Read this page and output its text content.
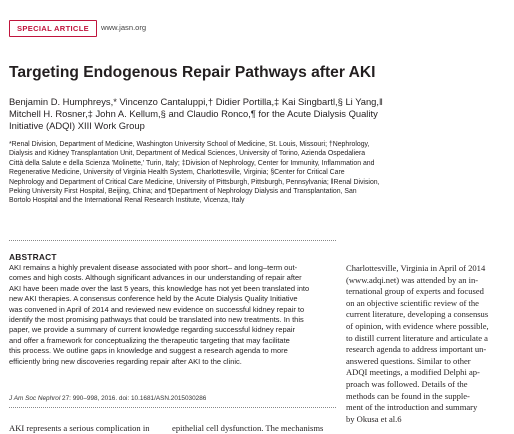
SPECIAL ARTICLE	www.jasn.org
Targeting Endogenous Repair Pathways after AKI
Benjamin D. Humphreys,* Vincenzo Cantaluppi,† Didier Portilla,‡ Kai Singbartl,§ Li Yang,‖
Mitchell H. Rosner,‡ John A. Kellum,§ and Claudio Ronco,¶ for the Acute Dialysis Quality
Initiative (ADQI) XIII Work Group
*Renal Division, Department of Medicine, Washington University School of Medicine, St. Louis, Missouri; †Nephrology,
Dialysis and Kidney Transplantation Unit, Department of Medical Sciences, University of Torino, Azienda Ospedaliera
Città della Salute e della Scienza 'Molinette,' Turin, Italy; ‡Division of Nephrology, Center for Immunity, Inflammation and
Regenerative Medicine, University of Virginia Health System, Charlottesville, Virginia; §Center for Critical Care
Nephrology and Department of Critical Care Medicine, University of Pittsburgh, Pittsburgh, Pennsylvania; ‖Renal Division,
Peking University First Hospital, Beijing, China; and ¶Department of Nephrology Dialysis and Transplantation, San
Bortolo Hospital and the International Renal Research Institute, Vicenza, Italy
ABSTRACT
AKI remains a highly prevalent disease associated with poor short– and long–term out-
comes and high costs. Although significant advances in our understanding of repair after
AKI have been made over the last 5 years, this knowledge has not yet been translated into
new AKI therapies. A consensus conference held by the Acute Dialysis Quality Initiative
was convened in April of 2014 and reviewed new evidence on successful kidney repair to
identify the most promising pathways that could be translated into new treatments. In this
paper, we provide a summary of current knowledge regarding successful kidney repair
and offer a framework for conceptualizing the therapeutic targeting that may facilitate
this process. We outline gaps in knowledge and suggest a research agenda to more
efficiently bring new discoveries regarding repair after AKI to the clinic.
J Am Soc Nephrol 27: 990–998, 2016. doi: 10.1681/ASN.2015030286
Charlottesville, Virginia in April of 2014
(www.adqi.net) was attended by an in-
ternational group of experts and focused
on an objective scientific review of the
current literature, developing a consensus
of opinion, with evidence where possible,
to distill current literature and articulate a
research agenda to address important un-
answered questions. Similar to other
ADQI meetings, a modified Delphi ap-
proach was followed. Details of the
methods can be found in the supple-
ment of the introduction and summary
by Okusa et al.6
AKI represents a serious complication in	epithelial cell dysfunction. The mechanisms
